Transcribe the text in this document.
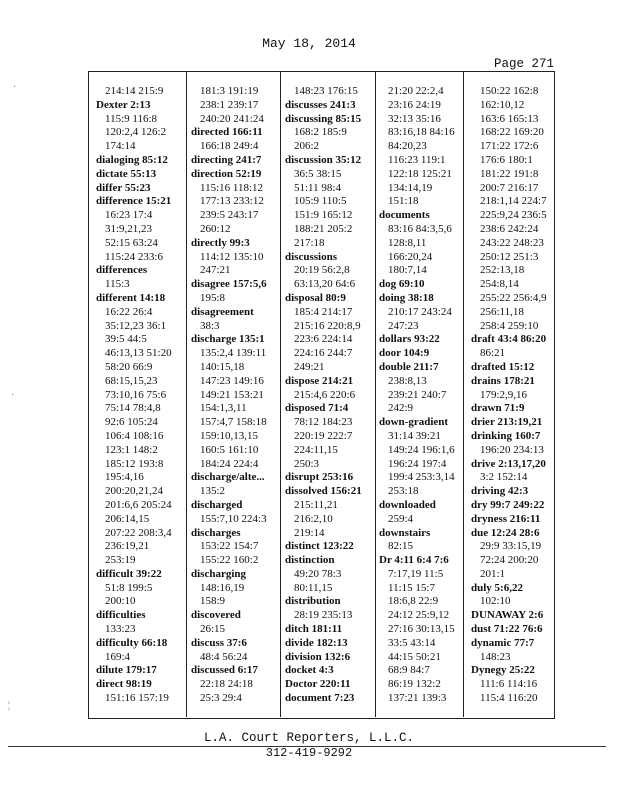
May 18, 2014
Page 271
214:14 215:9
Dexter 2:13
115:9 116:8
120:2,4 126:2
174:14
dialoging 85:12
dictate 55:13
differ 55:23
difference 15:21
16:23 17:4
31:9,21,23
52:15 63:24
115:24 233:6
differences
115:3
different 14:18
16:22 26:4
35:12,23 36:1
39:5 44:5
46:13,13 51:20
58:20 66:9
68:15,15,23
73:10,16 75:6
75:14 78:4,8
92:6 105:24
106:4 108:16
123:1 148:2
185:12 193:8
195:4,16
200:20,21,24
201:6,6 205:24
206:14,15
207:22 208:3,4
236:19,21
253:19
difficult 39:22
51:8 199:5
200:10
difficulties
133:23
difficulty 66:18
169:4
dilute 179:17
direct 98:19
151:16 157:19
181:3 191:19
238:1 239:17
240:20 241:24
directed 166:11
166:18 249:4
directing 241:7
direction 52:19
115:16 118:12
177:13 233:12
239:5 243:17
260:12
directly 99:3
114:12 135:10
247:21
disagree 157:5,6
195:8
disagreement
38:3
discharge 135:1
135:2,4 139:11
140:15,18
147:23 149:16
149:21 153:21
154:1,3,11
157:4,7 158:18
159:10,13,15
160:5 161:10
184:24 224:4
discharge/alte...
135:2
discharged
155:7,10 224:3
discharges
153:22 154:7
155:22 160:2
discharging
148:16,19
158:9
discovered
26:15
discuss 37:6
48:4 56:24
discussed 6:17
22:18 24:18
25:3 29:4
148:23 176:15
discusses 241:3
discussing 85:15
168:2 185:9
206:2
discussion 35:12
36:5 38:15
51:11 98:4
105:9 110:5
151:9 165:12
188:21 205:2
217:18
discussions
20:19 56:2,8
63:13,20 64:6
disposal 80:9
185:4 214:17
215:16 220:8,9
223:6 224:14
224:16 244:7
249:21
dispose 214:21
215:4,6 220:6
disposed 71:4
78:12 184:23
220:19 222:7
224:11,15
250:3
disrupt 253:16
dissolved 156:21
215:11,21
216:2,10
219:14
distinct 123:22
distinction
49:20 78:3
80:11,15
distribution
28:19 235:13
ditch 181:11
divide 182:13
division 132:6
docket 4:3
Doctor 220:11
document 7:23
21:20 22:2,4
23:16 24:19
32:13 35:16
83:16,18 84:16
84:20,23
116:23 119:1
122:18 125:21
134:14,19
151:18
documents
83:16 84:3,5,6
128:8,11
166:20,24
180:7,14
dog 69:10
doing 38:18
210:17 243:24
247:23
dollars 93:22
door 104:9
double 211:7
238:8,13
239:21 240:7
242:9
down-gradient
31:14 39:21
149:24 196:1,6
196:24 197:4
199:4 253:3,14
253:18
downloaded
259:4
downstairs
82:15
Dr 4:11 6:4 7:6
7:17,19 11:5
11:15 15:7
18:6,8 22:9
24:12 25:9,12
27:16 30:13,15
33:5 43:14
44:15 50:21
68:9 84:7
86:19 132:2
137:21 139:3
150:22 162:8
162:10,12
163:6 165:13
168:22 169:20
171:22 172:6
176:6 180:1
181:22 191:8
200:7 216:17
218:1,14 224:7
225:9,24 236:5
238:6 242:24
243:22 248:23
250:12 251:3
252:13,18
254:8,14
255:22 256:4,9
256:11,18
258:4 259:10
draft 43:4 86:20
86:21
drafted 15:12
drains 178:21
179:2,9,16
drawn 71:9
drier 213:19,21
drinking 160:7
196:20 234:13
drive 2:13,17,20
3:2 152:14
driving 42:3
dry 99:7 249:22
dryness 216:11
due 12:24 28:6
29:9 33:15,19
72:24 200:20
201:1
duly 5:6,22
102:10
DUNAWAY 2:6
dust 71:22 76:6
dynamic 77:7
148:23
Dynegy 25:22
111:6 114:16
115:4 116:20
L.A. Court Reporters, L.L.C.
312-419-9292
·
·
¦
